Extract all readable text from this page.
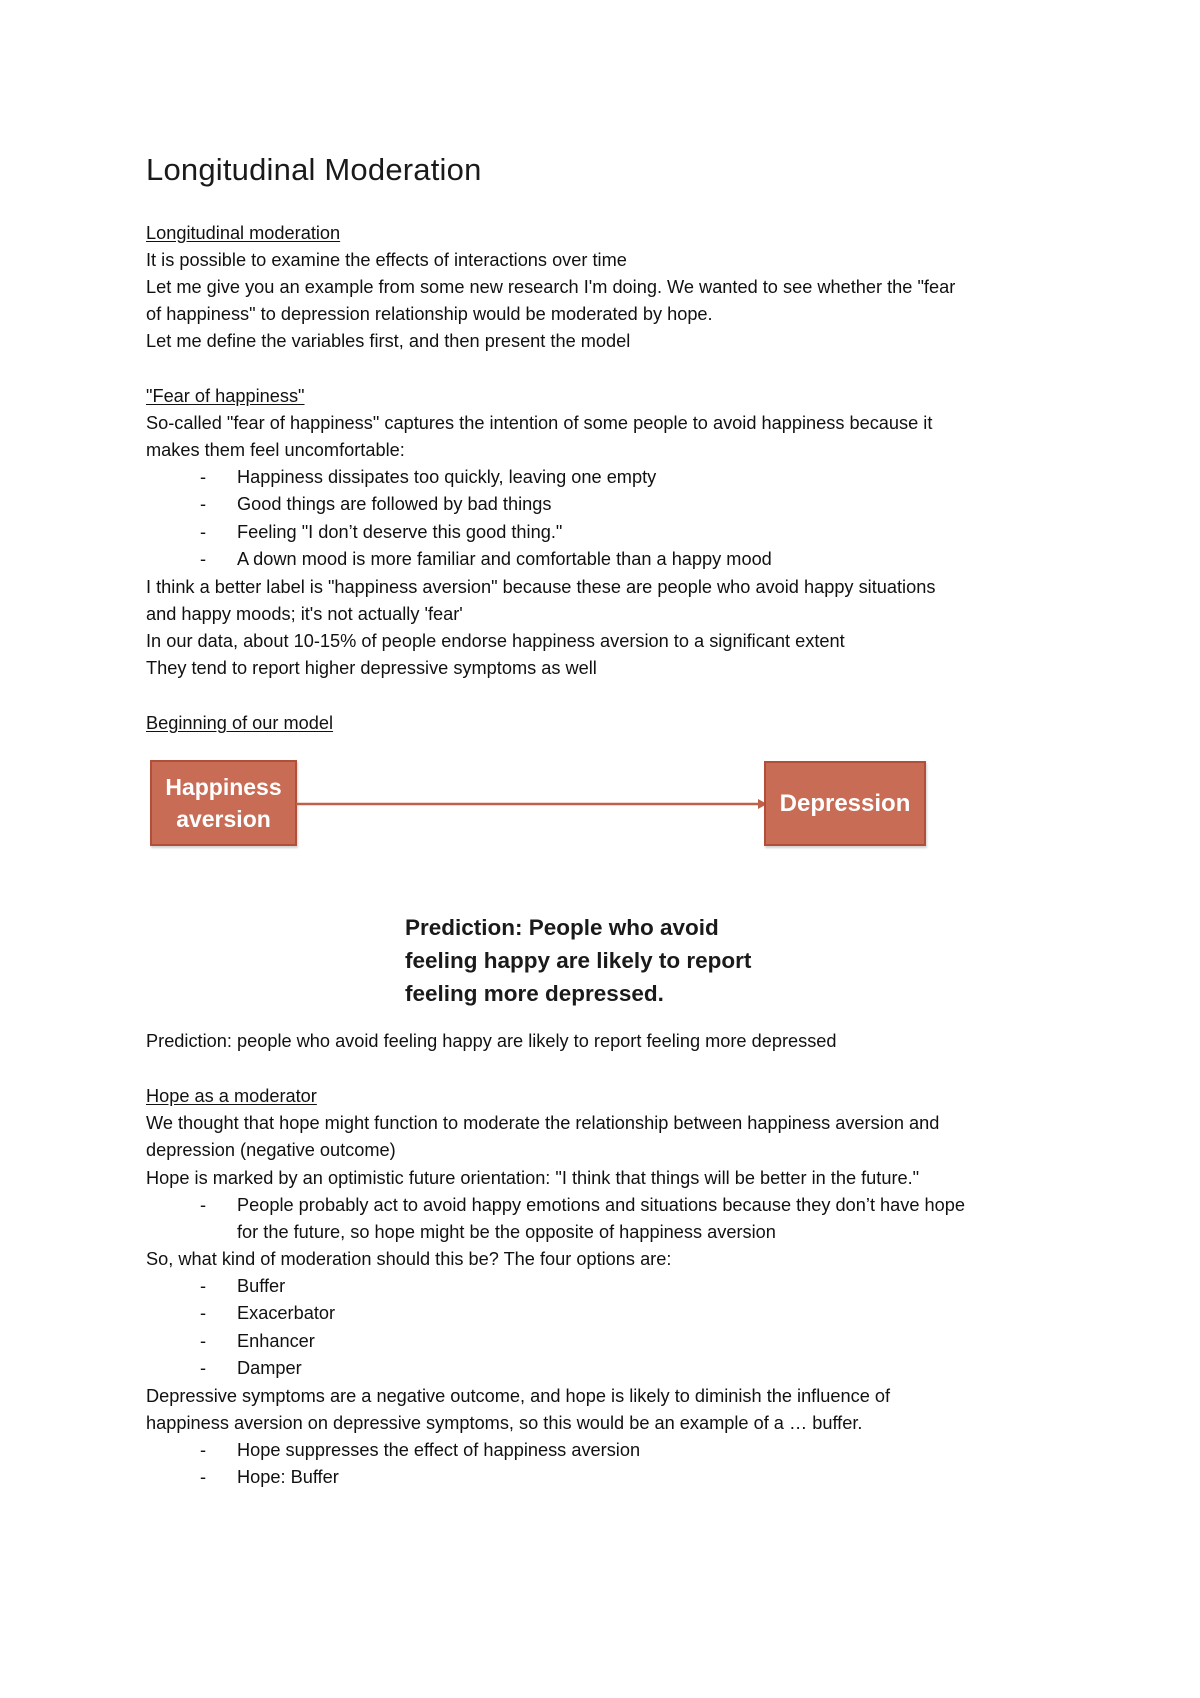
Longitudinal Moderation

Longitudinal moderation

It is possible to examine the effects of interactions over time

Let me give you an example from some new research I'm doing. We wanted to see whether the "fear

of happiness" to depression relationship would be moderated by hope.

Let me define the variables first, and then present the model

"Fear of happiness"

So-called "fear of happiness" captures the intention of some people to avoid happiness because it

makes them feel uncomfortable:

- Happiness dissipates too quickly, leaving one empty

- Good things are followed by bad things

- Feeling "I don’t deserve this good thing."

- A down mood is more familiar and comfortable than a happy mood

I think a better label is "happiness aversion" because these are people who avoid happy situations

and happy moods; it's not actually 'fear'

In our data, about 10-15% of people endorse happiness aversion to a significant extent

They tend to report higher depressive symptoms as well

Beginning of our model

Happiness
aversion
Depression
Prediction: People who avoid
feeling happy are likely to report
feeling more depressed.

Prediction: people who avoid feeling happy are likely to report feeling more depressed

Hope as a moderator

We thought that hope might function to moderate the relationship between happiness aversion and

depression (negative outcome)

Hope is marked by an optimistic future orientation: "I think that things will be better in the future."

- People probably act to avoid happy emotions and situations because they don’t have hope

for the future, so hope might be the opposite of happiness aversion

So, what kind of moderation should this be? The four options are:

- Buffer

- Exacerbator

- Enhancer

- Damper

Depressive symptoms are a negative outcome, and hope is likely to diminish the influence of

happiness aversion on depressive symptoms, so this would be an example of a … buffer.

- Hope suppresses the effect of happiness aversion

- Hope: Buffer
